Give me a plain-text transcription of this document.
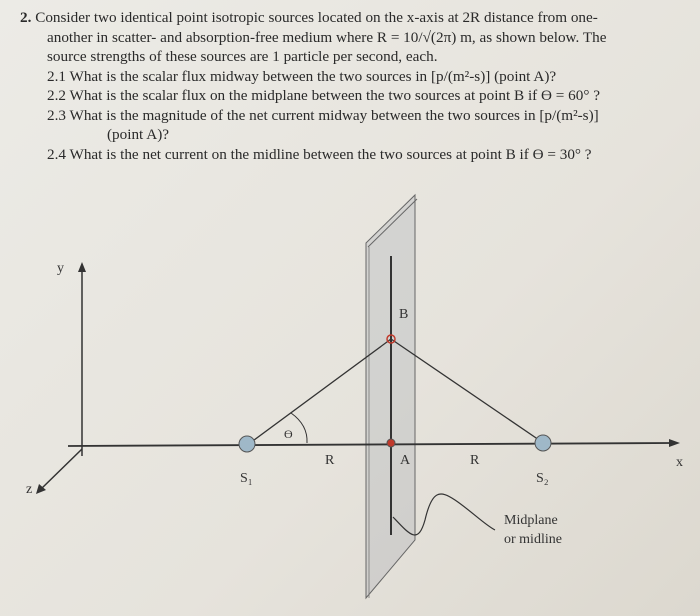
2. Consider two identical point isotropic sources located on the x-axis at 2R distance from one-
another in scatter- and absorption-free medium where R = 10/√(2π) m, as shown below. The
source strengths of these sources are 1 particle per second, each.
2.1 What is the scalar flux midway between the two sources in [p/(m²-s)] (point A)?
2.2 What is the scalar flux on the midplane between the two sources at point B if ϴ = 60° ?
2.3 What is the magnitude of the net current midway between the two sources in [p/(m²-s)]
(point A)?
2.4 What is the net current on the midline between the two sources at point B if ϴ = 30° ?
y
x
z
S₁	S₂
R	R
A
B
ϴ
Midplane
or midline
